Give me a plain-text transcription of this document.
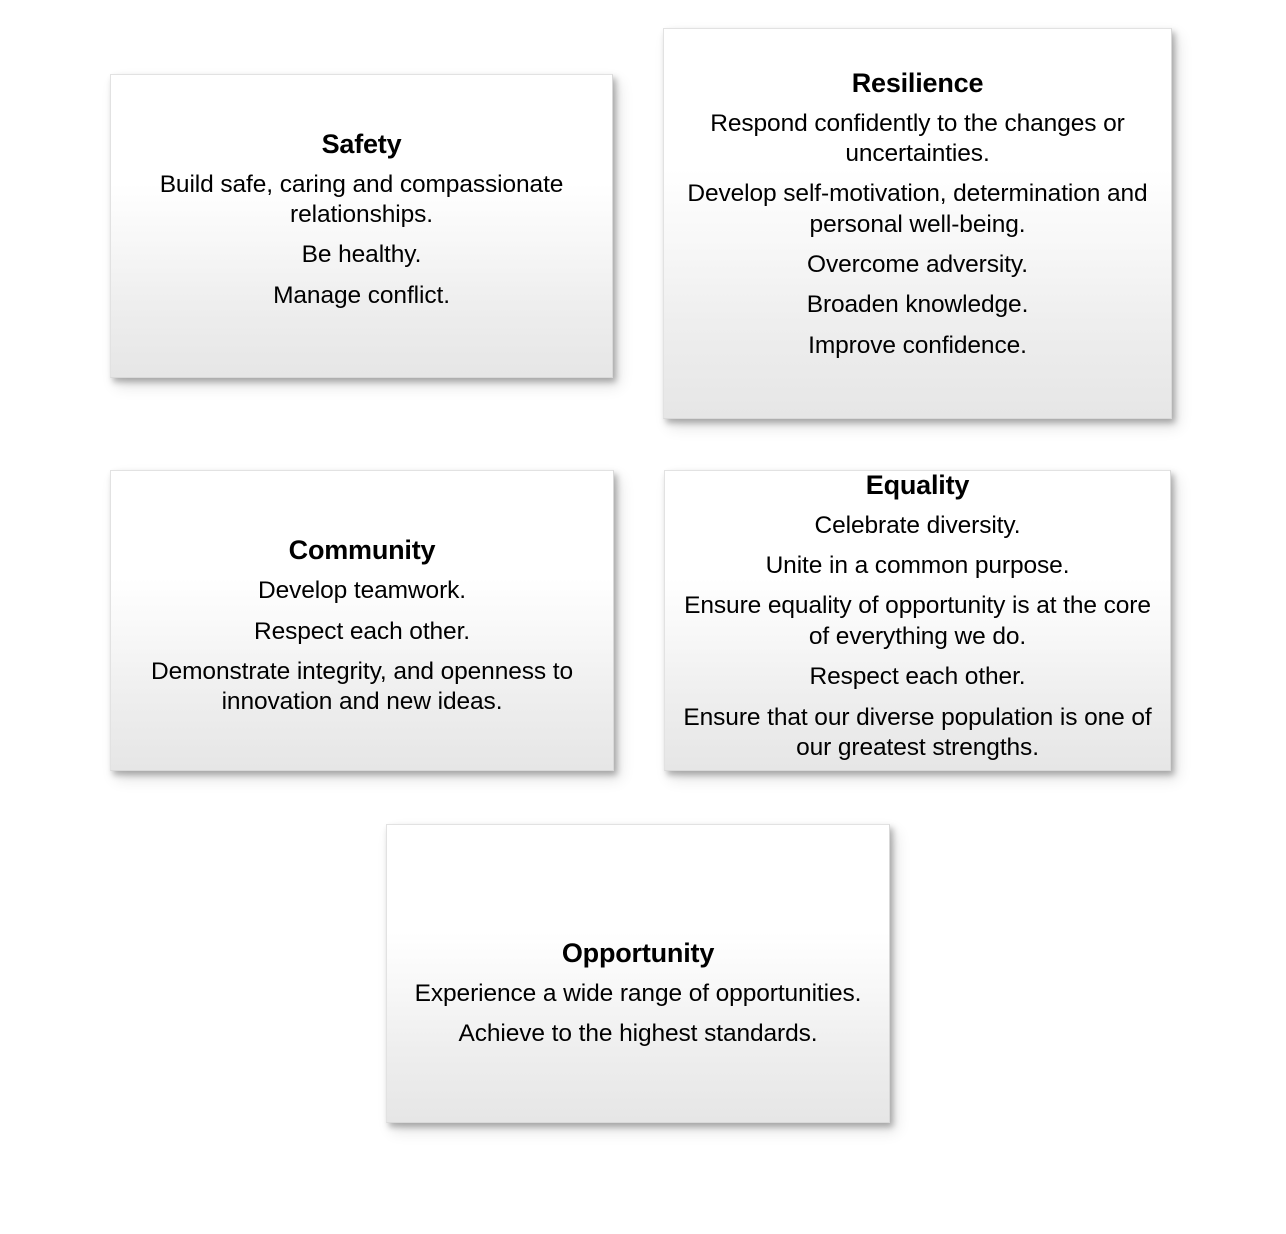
Safety

Build safe, caring and compassionate relationships.

Be healthy.

Manage conflict.

Resilience

Respond confidently to the changes or uncertainties.

Develop self-motivation, determination and personal well-being.

Overcome adversity.

Broaden knowledge.

Improve confidence.

Community

Develop teamwork.

Respect each other.

Demonstrate integrity, and openness to innovation and new ideas.

Equality

Celebrate diversity.

Unite in a common purpose.

Ensure equality of opportunity is at the core of everything we do.

Respect each other.

Ensure that our diverse population is one of our greatest strengths.

Opportunity

Experience a wide range of opportunities.

Achieve to the highest standards.
